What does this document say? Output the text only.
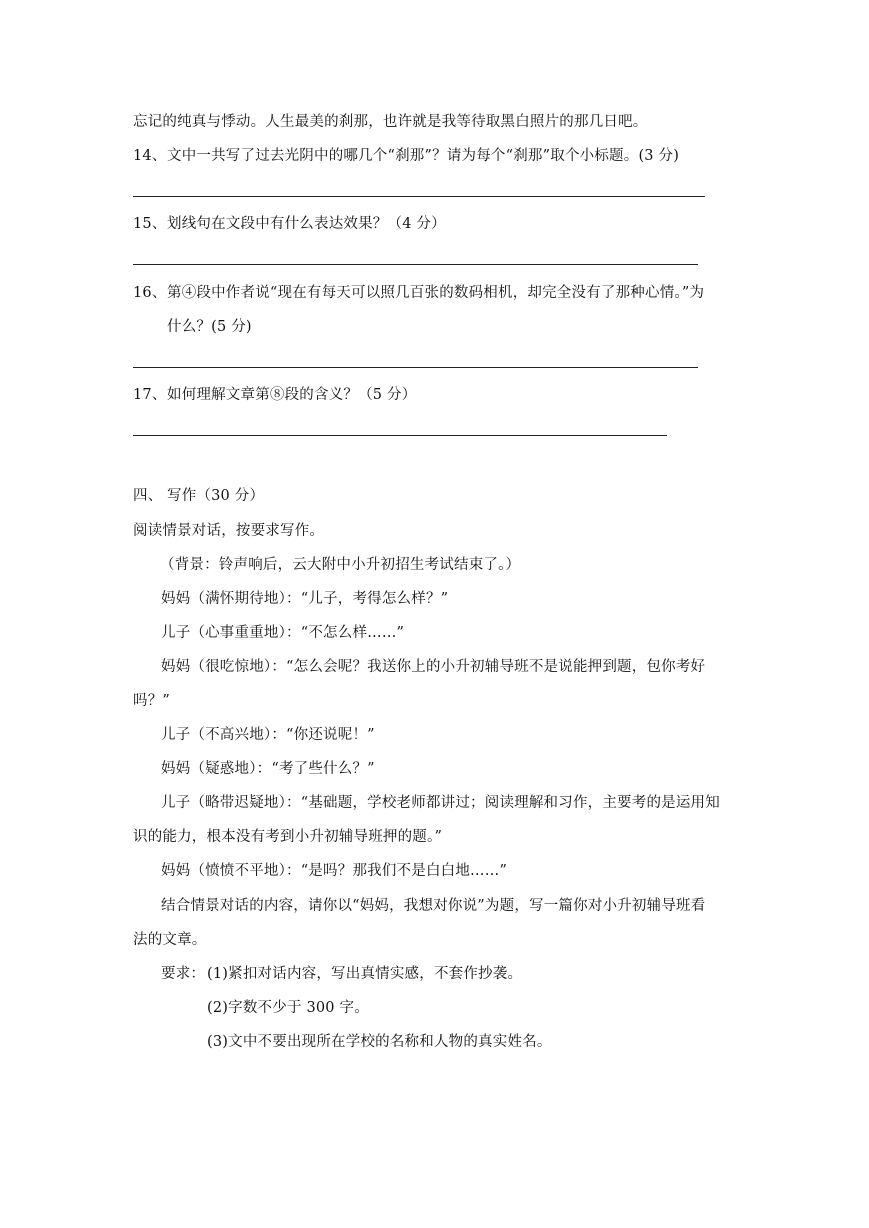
忘记的纯真与悸动。人生最美的刹那，也许就是我等待取黑白照片的那几日吧。
14、 文中一共写了过去光阴中的哪几个“刹那”？请为每个“刹那”取个小标题。(3 分)
15、 划线句在文段中有什么表达效果？（4 分）
16、 第④段中作者说“现在有每天可以照几百张的数码相机，却完全没有了那种心情。”为
什么？(5 分)
17、 如何理解文章第⑧段的含义？（5 分）
四、 写作（30 分）
阅读情景对话，按要求写作。
（背景：铃声响后，云大附中小升初招生考试结束了。）
妈妈（满怀期待地）：“儿子，考得怎么样？”
儿子（心事重重地）：“不怎么样……”
妈妈（很吃惊地）：“怎么会呢？我送你上的小升初辅导班不是说能押到题，包你考好
吗？”
儿子（不高兴地）：“你还说呢！”
妈妈（疑惑地）：“考了些什么？”
儿子（略带迟疑地）：“基础题，学校老师都讲过；阅读理解和习作，主要考的是运用知
识的能力，根本没有考到小升初辅导班押的题。”
妈妈（愤愤不平地）：“是吗？那我们不是白白地……”
结合情景对话的内容，请你以“妈妈，我想对你说”为题，写一篇你对小升初辅导班看
法的文章。
要求： (1)紧扣对话内容，写出真情实感，不套作抄袭。
(2)字数不少于 300 字。
(3)文中不要出现所在学校的名称和人物的真实姓名。
